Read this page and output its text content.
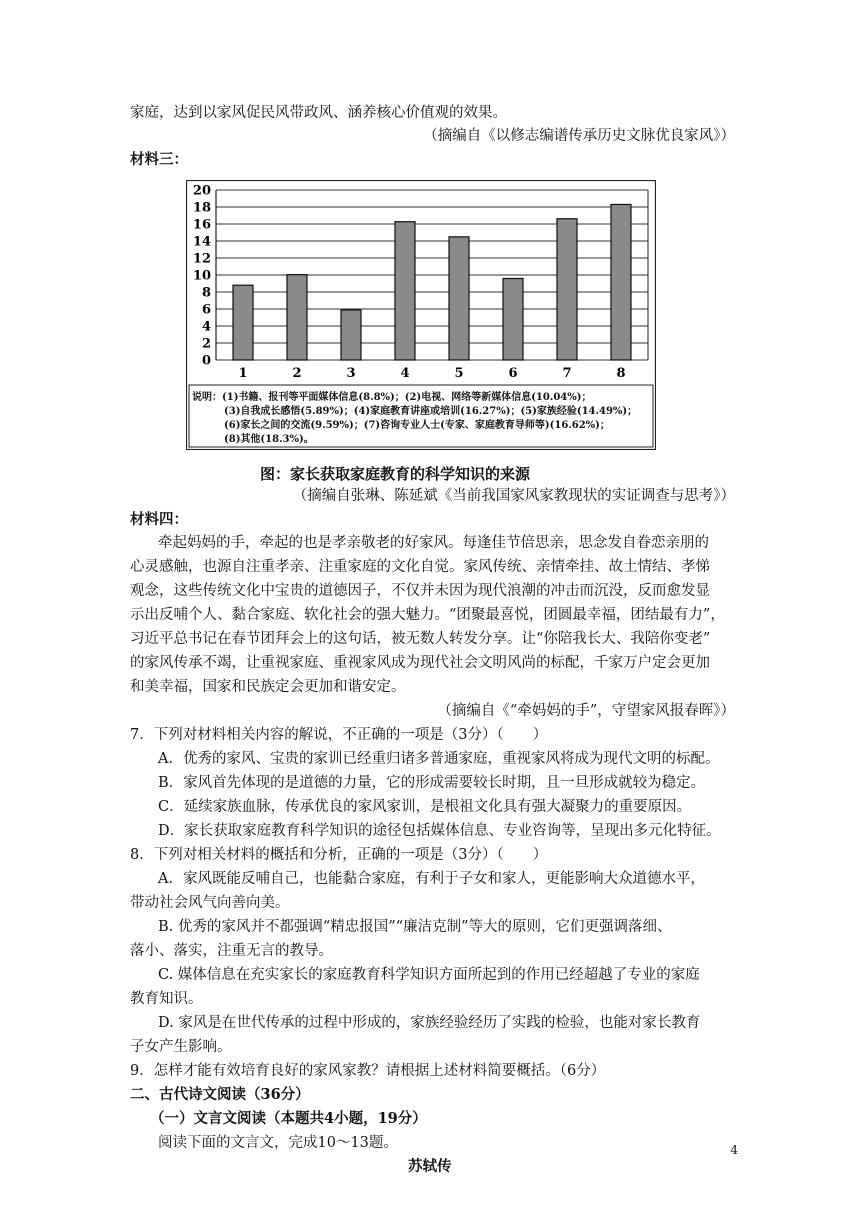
家庭，达到以家风促民风带政风、涵养核心价值观的效果。
（摘编自《以修志编谱传承历史文脉优良家风》）
材料三：
0
2
4
6
8
10
12
14
16
18
20
1	2	3	4	5	6	7	8
说明：(1)书籍、报刊等平面媒体信息(8.8%)；(2)电视、网络等新媒体信息(10.04%)；
(3)自我成长感悟(5.89%)；(4)家庭教育讲座或培训(16.27%)；(5)家族经验(14.49%)；
(6)家长之间的交流(9.59%)；(7)咨询专业人士(专家、家庭教育导师等)(16.62%)；
(8)其他(18.3%)。
图：家长获取家庭教育的科学知识的来源
（摘编自张琳、陈延斌《当前我国家风家教现状的实证调查与思考》）
材料四：
牵起妈妈的手，牵起的也是孝亲敬老的好家风。每逢佳节倍思亲，思念发自眷恋亲朋的
心灵感触，也源自注重孝亲、注重家庭的文化自觉。家风传统、亲情牵挂、故土情结、孝悌
观念，这些传统文化中宝贵的道德因子，不仅并未因为现代浪潮的冲击而沉没，反而愈发显
示出反哺个人、黏合家庭、软化社会的强大魅力。“团聚最喜悦，团圆最幸福，团结最有力”，
习近平总书记在春节团拜会上的这句话，被无数人转发分享。让“你陪我长大、我陪你变老”
的家风传承不竭，让重视家庭、重视家风成为现代社会文明风尚的标配，千家万户定会更加
和美幸福，国家和民族定会更加和谐安定。
（摘编自《“牵妈妈的手”，守望家风报春晖》）
7．下列对材料相关内容的解说，不正确的一项是（3分）（　　）
A．优秀的家风、宝贵的家训已经重归诸多普通家庭，重视家风将成为现代文明的标配。
B．家风首先体现的是道德的力量，它的形成需要较长时期，且一旦形成就较为稳定。
C．延续家族血脉，传承优良的家风家训，是根祖文化具有强大凝聚力的重要原因。
D．家长获取家庭教育科学知识的途径包括媒体信息、专业咨询等，呈现出多元化特征。
8．下列对相关材料的概括和分析，正确的一项是（3分）（　　）
A．家风既能反哺自己，也能黏合家庭，有利于子女和家人，更能影响大众道德水平，
带动社会风气向善向美。
B. 优秀的家风并不都强调“精忠报国”“廉洁克制”等大的原则，它们更强调落细、
落小、落实，注重无言的教导。
C. 媒体信息在充实家长的家庭教育科学知识方面所起到的作用已经超越了专业的家庭
教育知识。
D. 家风是在世代传承的过程中形成的，家族经验经历了实践的检验，也能对家长教育
子女产生影响。
9．怎样才能有效培育良好的家风家教？请根据上述材料简要概括。（6分）
二、古代诗文阅读（36分）
（一）文言文阅读（本题共4小题，19分）
阅读下面的文言文，完成10～13题。
苏轼传
4
